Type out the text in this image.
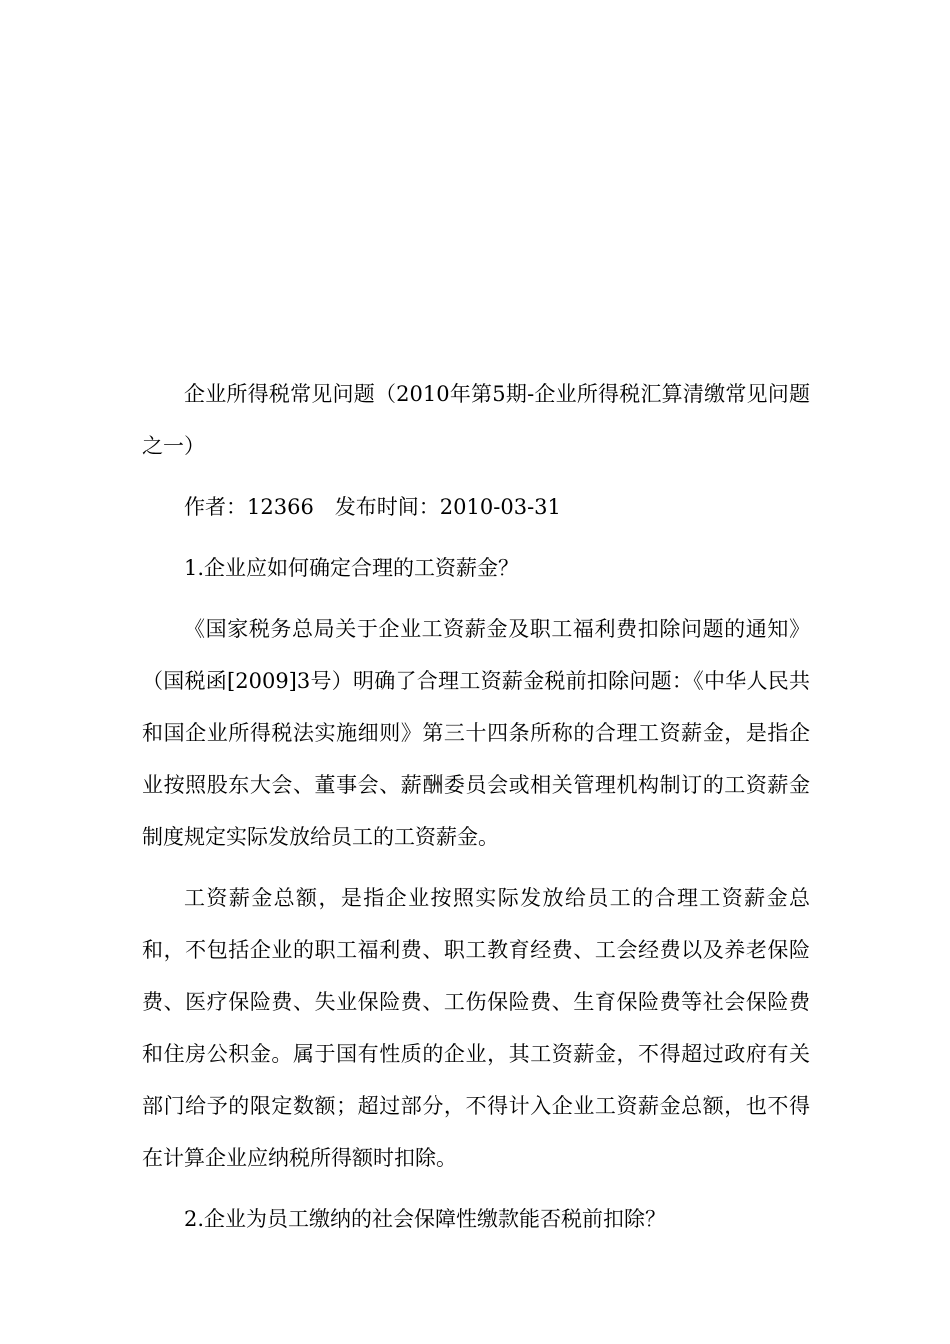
企业所得税常见问题（2010年第5期-企业所得税汇算清缴常见问题之一）

作者：12366　发布时间：2010-03-31

1.企业应如何确定合理的工资薪金？

《国家税务总局关于企业工资薪金及职工福利费扣除问题的通知》（国税函[2009]3号）明确了合理工资薪金税前扣除问题：《中华人民共和国企业所得税法实施细则》第三十四条所称的合理工资薪金，是指企业按照股东大会、董事会、薪酬委员会或相关管理机构制订的工资薪金制度规定实际发放给员工的工资薪金。

工资薪金总额，是指企业按照实际发放给员工的合理工资薪金总和，不包括企业的职工福利费、职工教育经费、工会经费以及养老保险费、医疗保险费、失业保险费、工伤保险费、生育保险费等社会保险费和住房公积金。属于国有性质的企业，其工资薪金，不得超过政府有关部门给予的限定数额；超过部分，不得计入企业工资薪金总额，也不得在计算企业应纳税所得额时扣除。

2.企业为员工缴纳的社会保障性缴款能否税前扣除？
